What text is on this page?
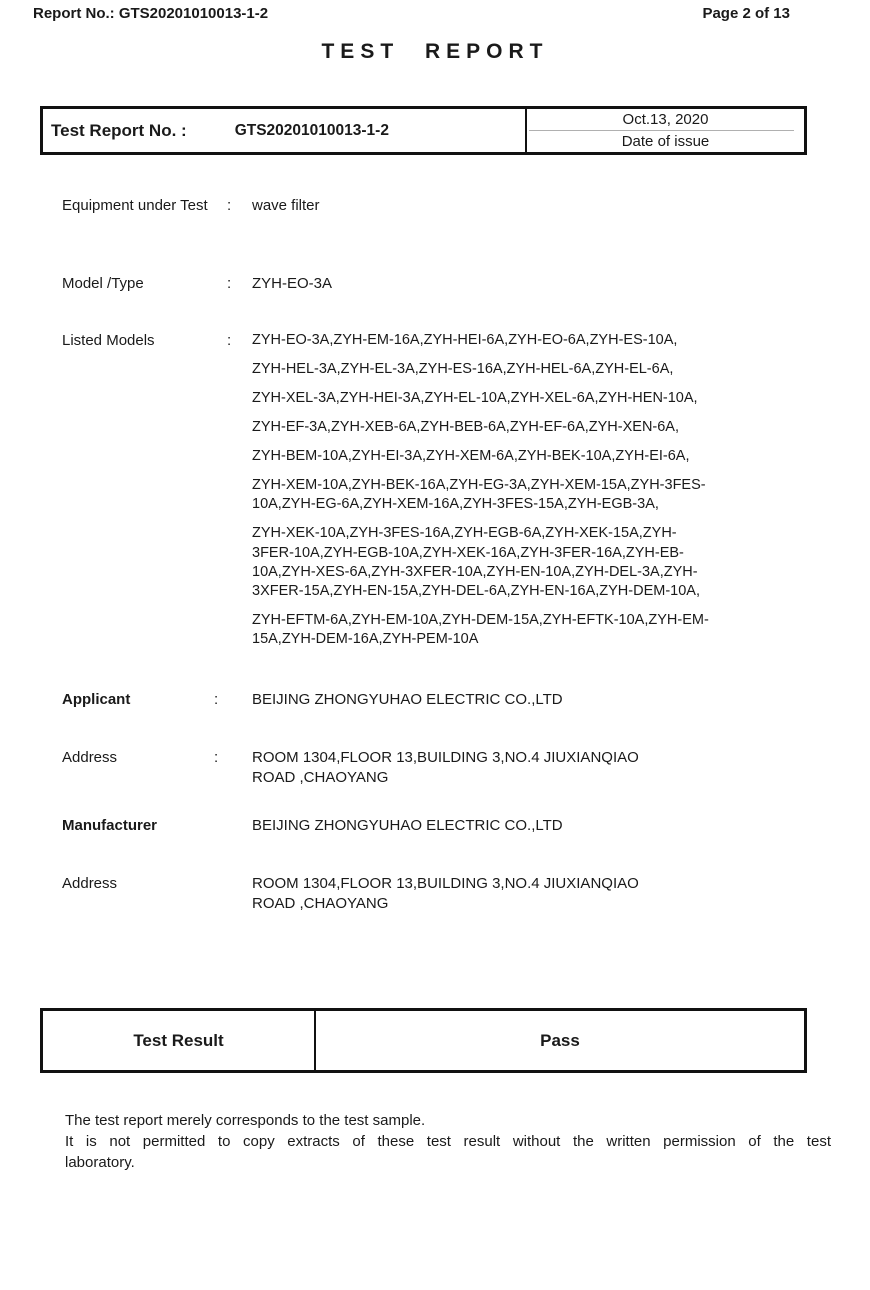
Report No.: GTS20201010013-1-2	Page 2 of 13
TEST REPORT
Test Report No. :	GTS20201010013-1-2
Oct.13, 2020
Date of issue
Equipment under Test	: wave filter
Model /Type	: ZYH-EO-3A
Listed Models	: ZYH-EO-3A,ZYH-EM-16A,ZYH-HEI-6A,ZYH-EO-6A,ZYH-ES-10A,
ZYH-HEL-3A,ZYH-EL-3A,ZYH-ES-16A,ZYH-HEL-6A,ZYH-EL-6A,
ZYH-XEL-3A,ZYH-HEI-3A,ZYH-EL-10A,ZYH-XEL-6A,ZYH-HEN-10A,
ZYH-EF-3A,ZYH-XEB-6A,ZYH-BEB-6A,ZYH-EF-6A,ZYH-XEN-6A,
ZYH-BEM-10A,ZYH-EI-3A,ZYH-XEM-6A,ZYH-BEK-10A,ZYH-EI-6A,
ZYH-XEM-10A,ZYH-BEK-16A,ZYH-EG-3A,ZYH-XEM-15A,ZYH-3FES-
10A,ZYH-EG-6A,ZYH-XEM-16A,ZYH-3FES-15A,ZYH-EGB-3A,
ZYH-XEK-10A,ZYH-3FES-16A,ZYH-EGB-6A,ZYH-XEK-15A,ZYH-
3FER-10A,ZYH-EGB-10A,ZYH-XEK-16A,ZYH-3FER-16A,ZYH-EB-
10A,ZYH-XES-6A,ZYH-3XFER-10A,ZYH-EN-10A,ZYH-DEL-3A,ZYH-
3XFER-15A,ZYH-EN-15A,ZYH-DEL-6A,ZYH-EN-16A,ZYH-DEM-10A,
ZYH-EFTM-6A,ZYH-EM-10A,ZYH-DEM-15A,ZYH-EFTK-10A,ZYH-EM-
15A,ZYH-DEM-16A,ZYH-PEM-10A
Applicant	: BEIJING ZHONGYUHAO ELECTRIC CO.,LTD
Address	: ROOM 1304,FLOOR 13,BUILDING 3,NO.4 JIUXIANQIAO
ROAD ,CHAOYANG
Manufacturer	BEIJING ZHONGYUHAO ELECTRIC CO.,LTD
Address	ROOM 1304,FLOOR 13,BUILDING 3,NO.4 JIUXIANQIAO
ROAD ,CHAOYANG
Test Result	Pass
The test report merely corresponds to the test sample.
It is not permitted to copy extracts of these test result without the written permission of the test
laboratory.
